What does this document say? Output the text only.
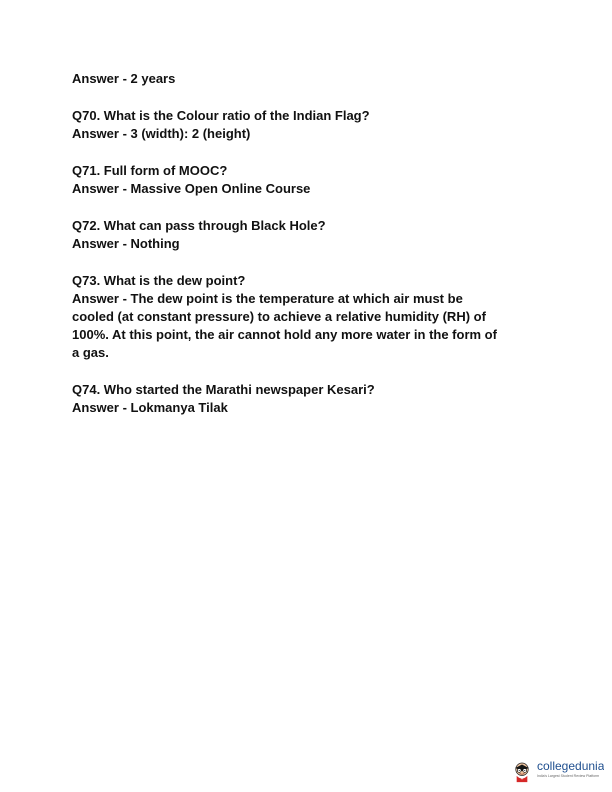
Answer - 2 years
Q70. What is the Colour ratio of the Indian Flag?
Answer - 3 (width): 2 (height)
Q71. Full form of MOOC?
Answer - Massive Open Online Course
Q72. What can pass through Black Hole?
Answer - Nothing
Q73. What is the dew point?
Answer - The dew point is the temperature at which air must be
cooled (at constant pressure) to achieve a relative humidity (RH) of
100%. At this point, the air cannot hold any more water in the form of
a gas.
Q74. Who started the Marathi newspaper Kesari?
Answer - Lokmanya Tilak
collegedunia
India's Largest Student Review Platform
